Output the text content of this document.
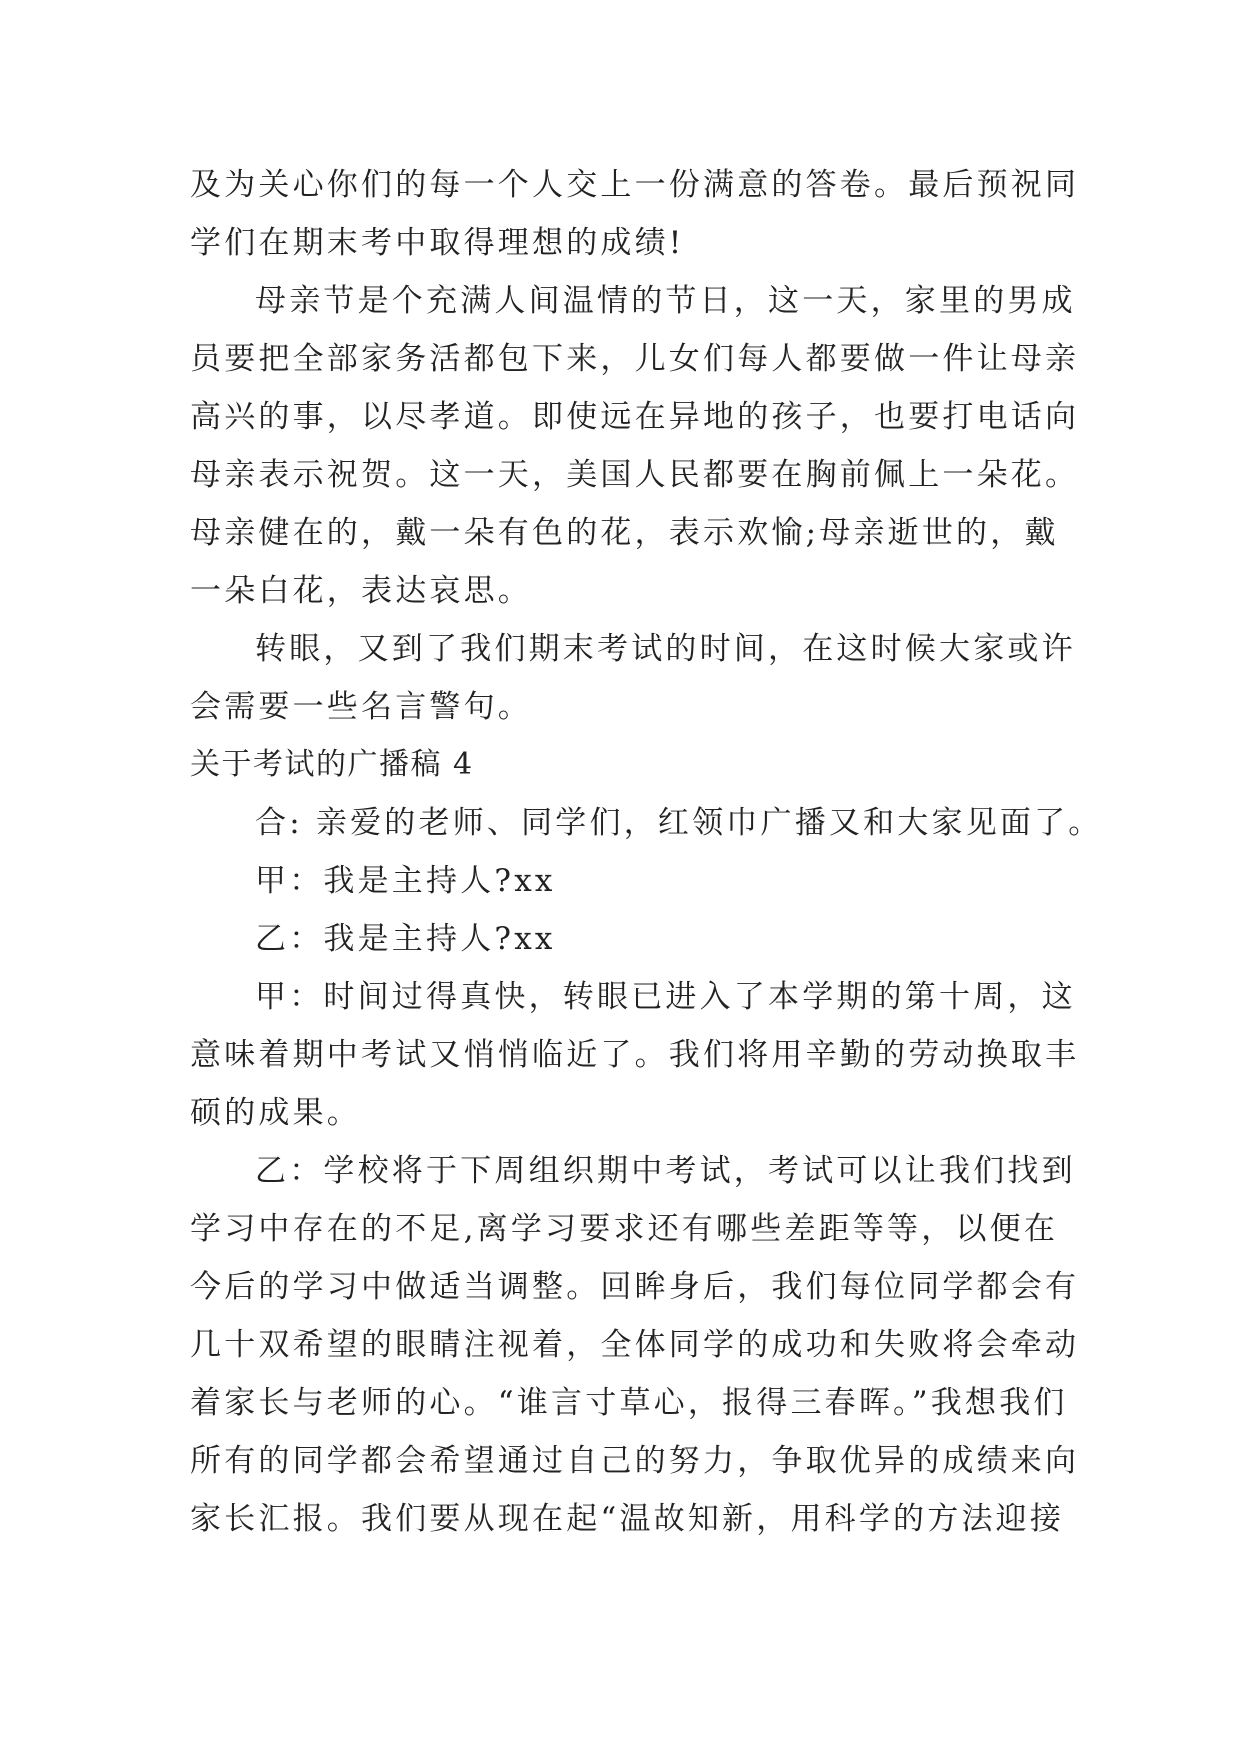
及为关心你们的每一个人交上一份满意的答卷。最后预祝同
学们在期末考中取得理想的成绩!
母亲节是个充满人间温情的节日，这一天，家里的男成
员要把全部家务活都包下来，儿女们每人都要做一件让母亲
高兴的事，以尽孝道。即使远在异地的孩子，也要打电话向
母亲表示祝贺。这一天，美国人民都要在胸前佩上一朵花。
母亲健在的，戴一朵有色的花，表示欢愉;母亲逝世的，戴
一朵白花，表达哀思。
转眼，又到了我们期末考试的时间，在这时候大家或许
会需要一些名言警句。
关于考试的广播稿 4
合: 亲爱的老师、同学们，红领巾广播又和大家见面了。
甲：我是主持人?xx
乙：我是主持人?xx
甲：时间过得真快，转眼已进入了本学期的第十周，这
意味着期中考试又悄悄临近了。我们将用辛勤的劳动换取丰
硕的成果。
乙：学校将于下周组织期中考试，考试可以让我们找到
学习中存在的不足,离学习要求还有哪些差距等等，以便在
今后的学习中做适当调整。回眸身后，我们每位同学都会有
几十双希望的眼睛注视着，全体同学的成功和失败将会牵动
着家长与老师的心。“谁言寸草心，报得三春晖。”我想我们
所有的同学都会希望通过自己的努力，争取优异的成绩来向
家长汇报。我们要从现在起“温故知新，用科学的方法迎接
